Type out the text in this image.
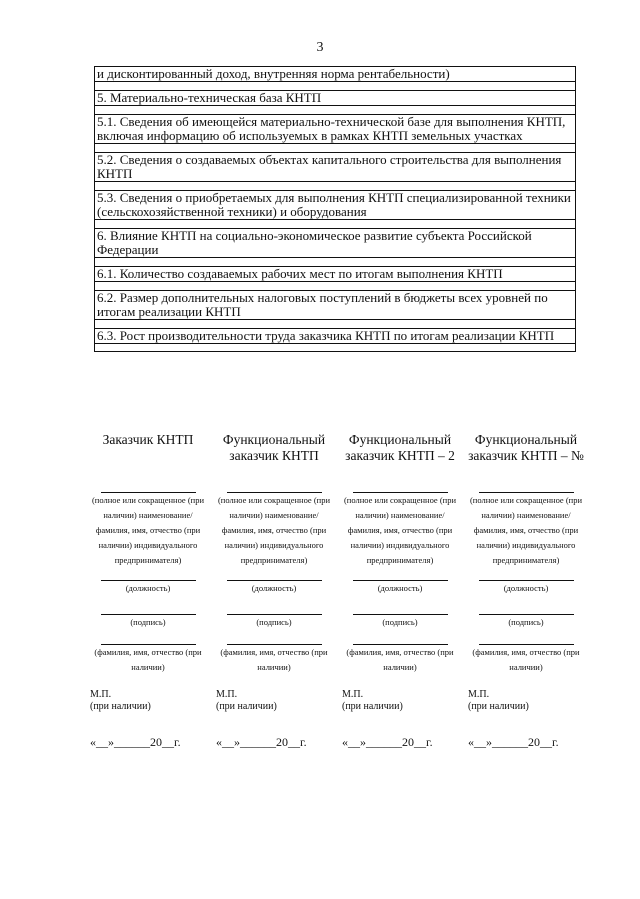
3
и дисконтированный доход, внутренняя норма рентабельности)
5. Материально-техническая база КНТП
5.1. Сведения об имеющейся материально-технической базе для выполнения КНТП, включая информацию об используемых в рамках КНТП земельных участках
5.2. Сведения о создаваемых объектах капитального строительства для выполнения КНТП
5.3. Сведения о приобретаемых для выполнения КНТП специализированной техники (сельскохозяйственной техники) и оборудования
6. Влияние КНТП на социально-экономическое развитие субъекта Российской Федерации
6.1. Количество создаваемых рабочих мест по итогам выполнения КНТП
6.2. Размер дополнительных налоговых поступлений в бюджеты всех уровней по итогам реализации КНТП
6.3. Рост производительности труда заказчика КНТП по итогам реализации КНТП
Заказчик КНТП
(полное или сокращенное (при наличии) наименование/ фамилия, имя, отчество (при наличии) индивидуального предпринимателя)
(должность)
(подпись)
(фамилия, имя, отчество (при наличии)
М.П.
(при наличии)
«__»______20__г.
Функциональный заказчик КНТП
(полное или сокращенное (при наличии) наименование/ фамилия, имя, отчество (при наличии) индивидуального предпринимателя)
(должность)
(подпись)
(фамилия, имя, отчество (при наличии)
М.П.
(при наличии)
«__»______20__г.
Функциональный заказчик КНТП – 2
(полное или сокращенное (при наличии) наименование/ фамилия, имя, отчество (при наличии) индивидуального предпринимателя)
(должность)
(подпись)
(фамилия, имя, отчество (при наличии)
М.П.
(при наличии)
«__»______20__г.
Функциональный заказчик КНТП – №
(полное или сокращенное (при наличии) наименование/ фамилия, имя, отчество (при наличии) индивидуального предпринимателя)
(должность)
(подпись)
(фамилия, имя, отчество (при наличии)
М.П.
(при наличии)
«__»______20__г.
